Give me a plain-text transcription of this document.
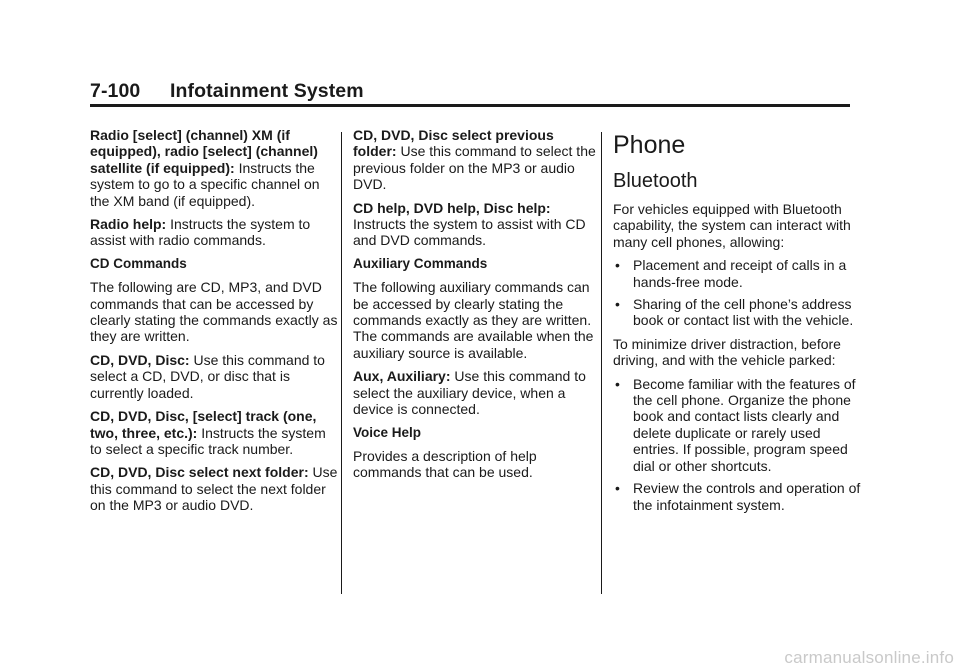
7-100 Infotainment System

Radio [select] (channel) XM (if equipped), radio [select] (channel) satellite (if equipped): Instructs the system to go to a specific channel on the XM band (if equipped).

Radio help: Instructs the system to assist with radio commands.

CD Commands

The following are CD, MP3, and DVD commands that can be accessed by clearly stating the commands exactly as they are written.

CD, DVD, Disc: Use this command to select a CD, DVD, or disc that is currently loaded.

CD, DVD, Disc, [select] track (one, two, three, etc.): Instructs the system to select a specific track number.

CD, DVD, Disc select next folder: Use this command to select the next folder on the MP3 or audio DVD.

CD, DVD, Disc select previous folder: Use this command to select the previous folder on the MP3 or audio DVD.

CD help, DVD help, Disc help: Instructs the system to assist with CD and DVD commands.

Auxiliary Commands

The following auxiliary commands can be accessed by clearly stating the commands exactly as they are written. The commands are available when the auxiliary source is available.

Aux, Auxiliary: Use this command to select the auxiliary device, when a device is connected.

Voice Help

Provides a description of help commands that can be used.

Phone
Bluetooth

For vehicles equipped with Bluetooth capability, the system can interact with many cell phones, allowing:

• Placement and receipt of calls in a hands-free mode.
• Sharing of the cell phone’s address book or contact list with the vehicle.

To minimize driver distraction, before driving, and with the vehicle parked:

• Become familiar with the features of the cell phone. Organize the phone book and contact lists clearly and delete duplicate or rarely used entries. If possible, program speed dial or other shortcuts.
• Review the controls and operation of the infotainment system.
carmanualsonline.info
